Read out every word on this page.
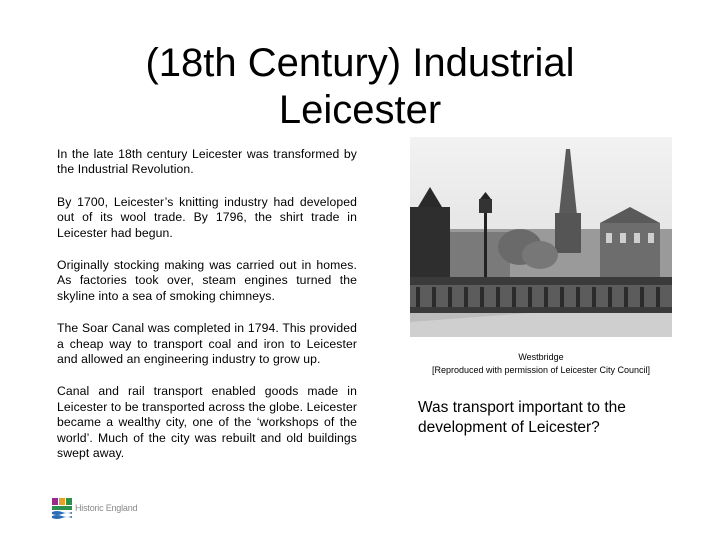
(18th Century) Industrial
Leicester

In the late 18th century Leicester was transformed by the Industrial Revolution.

By 1700, Leicester’s knitting industry had developed out of its wool trade. By 1796, the shirt trade in Leicester had begun.

Originally stocking making was carried out in homes. As factories took over, steam engines turned the skyline into a sea of smoking chimneys.

The Soar Canal was completed in 1794. This provided a cheap way to transport coal and iron to Leicester and allowed an engineering industry to grow up.

Canal and rail transport enabled goods made in Leicester to be transported across the globe. Leicester became a wealthy city, one of the ‘workshops of the world’. Much of the city was rebuilt and old buildings swept away.

Westbridge
[Reproduced with permission of Leicester City Council]
Was transport important to the development of Leicester?
Historic England
